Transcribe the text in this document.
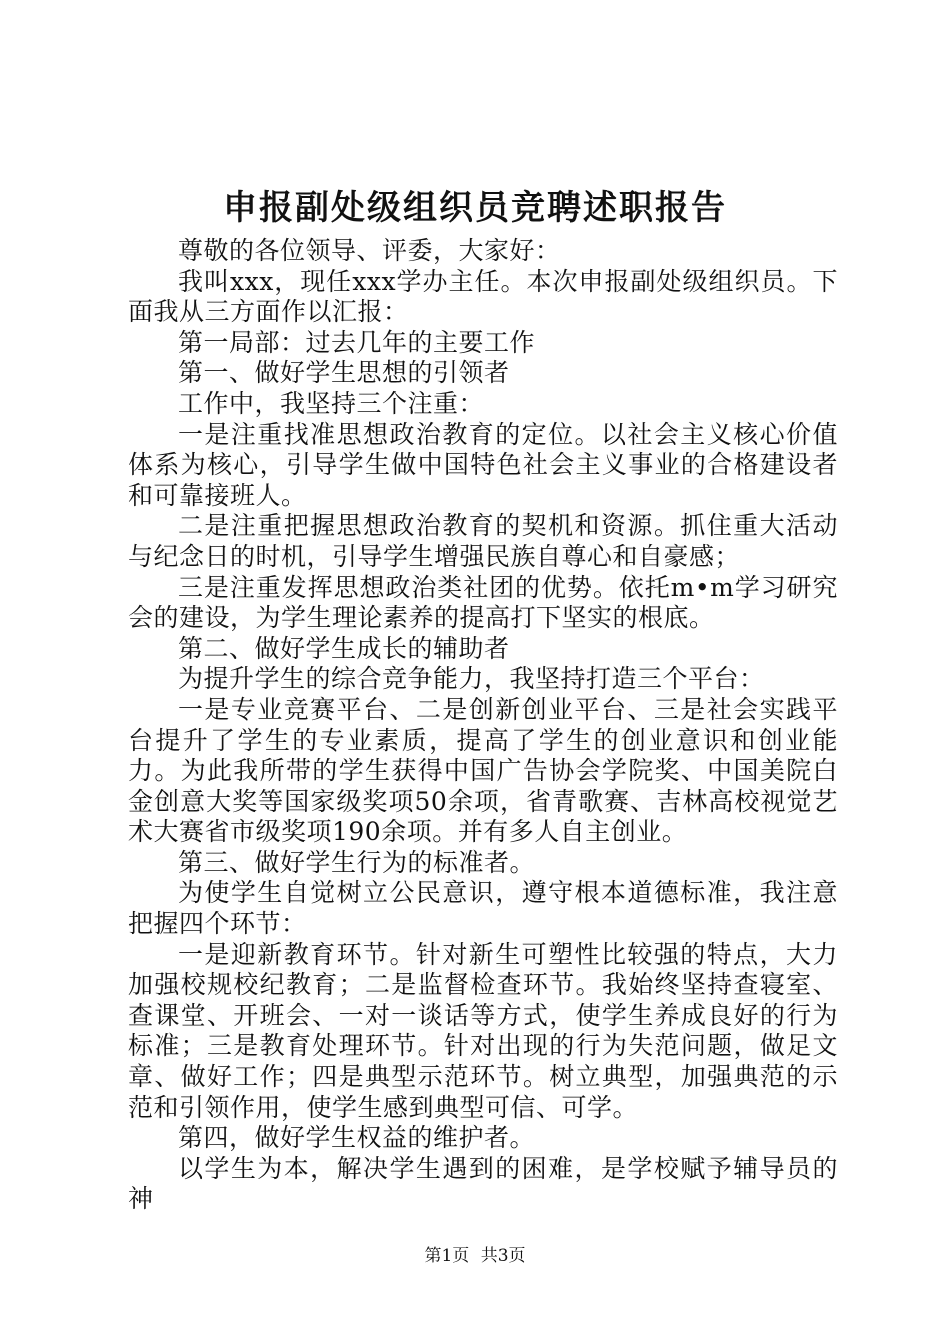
申报副处级组织员竞聘述职报告

尊敬的各位领导、评委，大家好：

我叫xxx，现任xxx学办主任。本次申报副处级组织员。下面我从三方面作以汇报：

第一局部：过去几年的主要工作

第一、做好学生思想的引领者

工作中，我坚持三个注重：

一是注重找准思想政治教育的定位。以社会主义核心价值体系为核心，引导学生做中国特色社会主义事业的合格建设者和可靠接班人。

二是注重把握思想政治教育的契机和资源。抓住重大活动与纪念日的时机，引导学生增强民族自尊心和自豪感；

三是注重发挥思想政治类社团的优势。依托m•m学习研究会的建设，为学生理论素养的提高打下坚实的根底。

第二、做好学生成长的辅助者

为提升学生的综合竞争能力，我坚持打造三个平台：

一是专业竞赛平台、二是创新创业平台、三是社会实践平台提升了学生的专业素质，提高了学生的创业意识和创业能力。为此我所带的学生获得中国广告协会学院奖、中国美院白金创意大奖等国家级奖项50余项，省青歌赛、吉林高校视觉艺术大赛省市级奖项190余项。并有多人自主创业。

第三、做好学生行为的标准者。

为使学生自觉树立公民意识，遵守根本道德标准，我注意把握四个环节：

一是迎新教育环节。针对新生可塑性比较强的特点，大力加强校规校纪教育；二是监督检查环节。我始终坚持查寝室、查课堂、开班会、一对一谈话等方式，使学生养成良好的行为标准；三是教育处理环节。针对出现的行为失范问题，做足文章、做好工作；四是典型示范环节。树立典型，加强典范的示范和引领作用，使学生感到典型可信、可学。

第四，做好学生权益的维护者。

以学生为本，解决学生遇到的困难，是学校赋予辅导员的神

第1页 共3页
